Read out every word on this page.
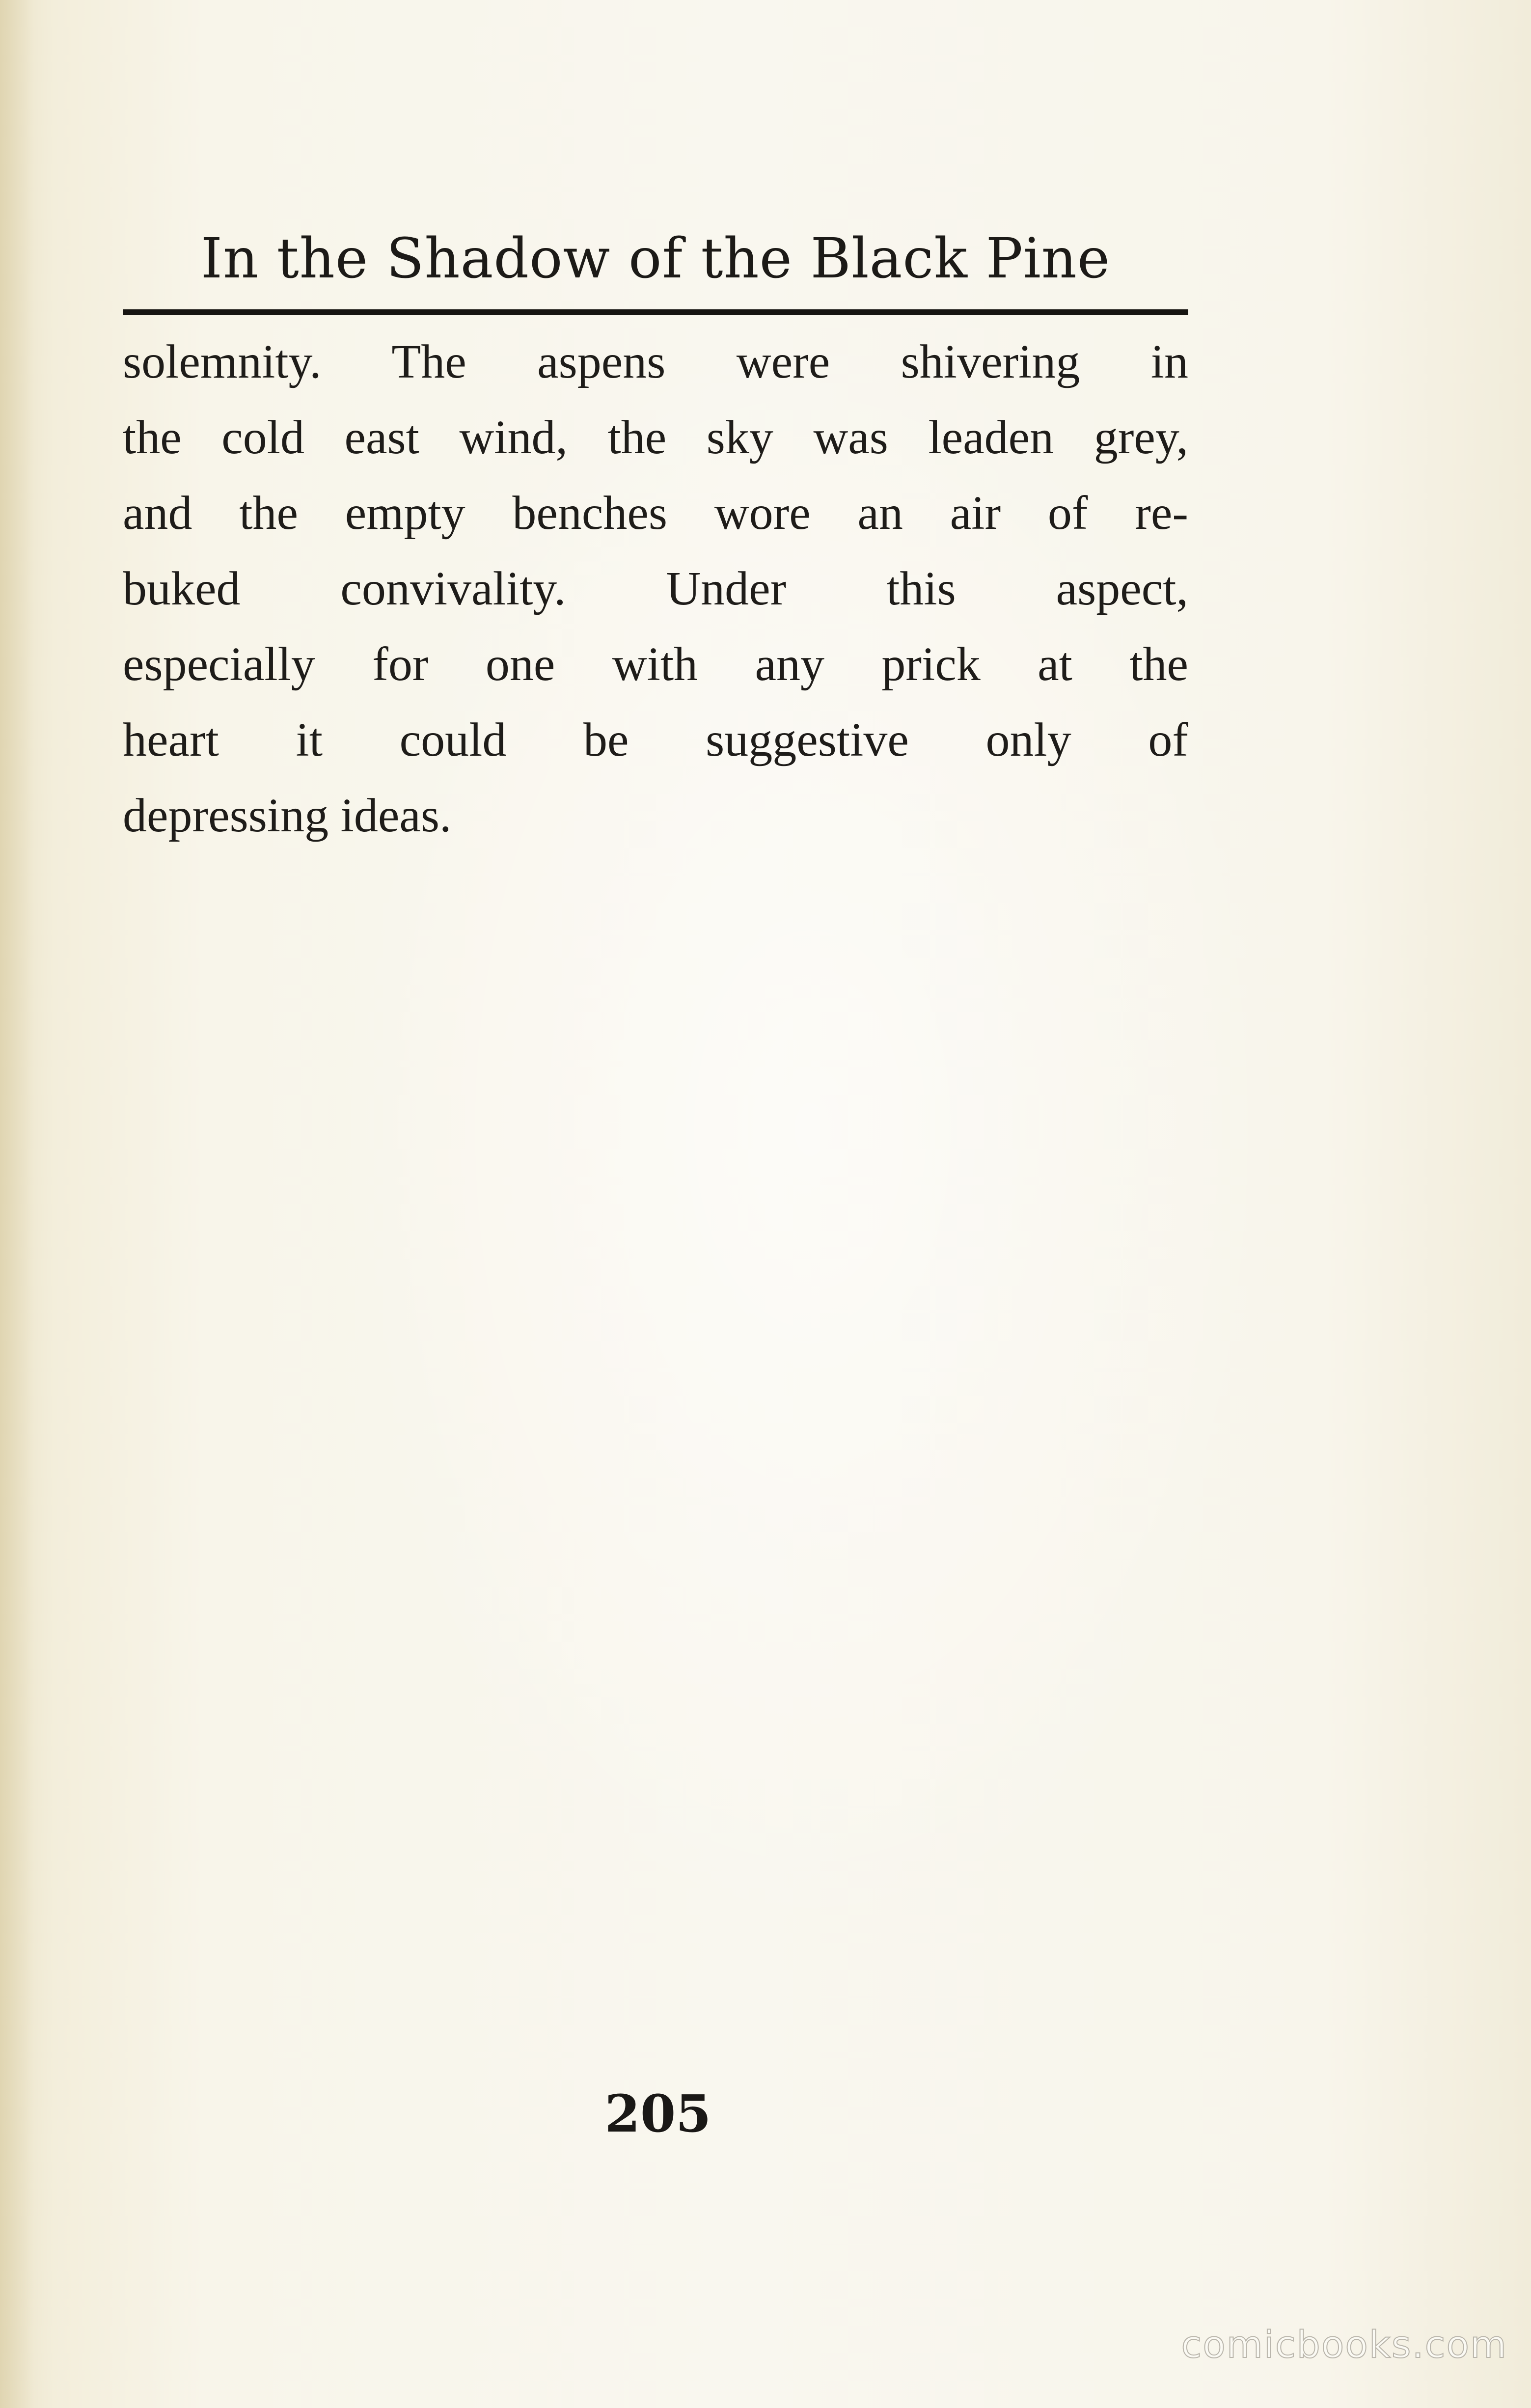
In the Shadow of the Black Pine
solemnity. The aspens were shivering in
the cold east wind, the sky was leaden grey,
and the empty benches wore an air of re-
buked convivality. Under this aspect,
especially for one with any prick at the
heart it could be suggestive only of
depressing ideas.
205
comicbooks.com
